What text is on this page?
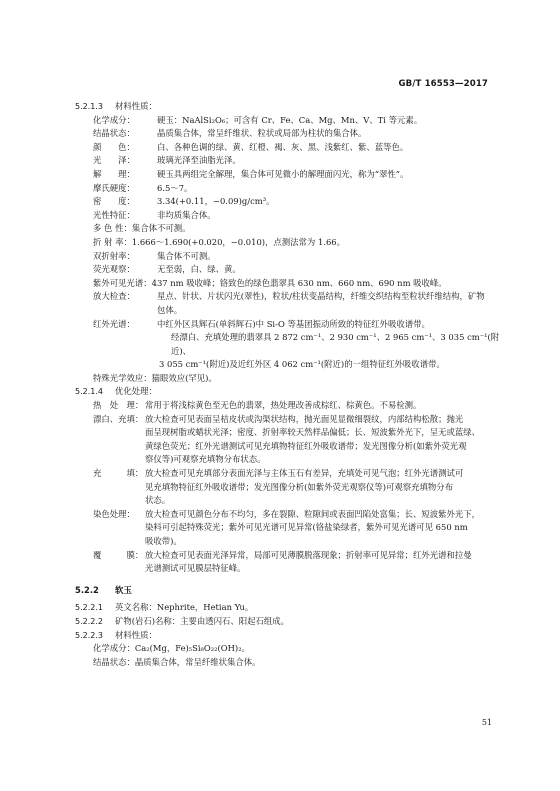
GB/T 16553—2017
5.2.1.3	材料性质：
化学成分：	硬玉：NaAlSi₂O₆；可含有 Cr、Fe、Ca、Mg、Mn、V、Ti 等元素。
结晶状态：	晶质集合体，常呈纤维状、粒状或局部为柱状的集合体。
颜　　色：	白、各种色调的绿、黄、红橙、褐、灰、黑、浅紫红、紫、蓝等色。
光　　泽：	玻璃光泽至油脂光泽。
解　　理：	硬玉具两组完全解理，集合体可见微小的解理面闪光，称为“翠性”。
摩氏硬度：	6.5～7。
密　　度：	3.34(+0.11，−0.09)g/cm³。
光性特征：	非均质集合体。
多 色 性： 集合体不可测。
折 射 率： 1.666～1.690(+0.020，−0.010)，点测法常为 1.66。
双折射率：	集合体不可测。
荧光观察：	无至弱，白、绿、黄。
紫外可见光谱： 437 nm 吸收峰；铬致色的绿色翡翠具 630 nm、660 nm、690 nm 吸收峰。
放大检查：	星点、针状、片状闪光(翠性)，粒状/柱状变晶结构，纤维交织结构至粒状纤维结构，矿物
包体。
红外光谱：	中红外区具辉石(单斜辉石)中 Si-O 等基团振动所致的特征红外吸收谱带。
经漂白、充填处理的翡翠具 2 872 cm⁻¹、2 930 cm⁻¹、2 965 cm⁻¹、3 035 cm⁻¹(附近)、
3 055 cm⁻¹(附近)及近红外区 4 062 cm⁻¹(附近)的一组特征红外吸收谱带。
特殊光学效应： 猫眼效应(罕见)。
5.2.1.4	优化处理：
热　处　理： 常用于将浅棕黄色至无色的翡翠，热处理改善成棕红、棕黄色。不易检测。
漂白、充填： 放大检查可见表面呈桔皮状或沟渠状结构，抛光面见显微细裂纹，内部结构松散；抛光
面呈现树脂或蜡状光泽；密度、折射率较天然样品偏低；长、短波紫外光下，呈无或蓝绿、
黄绿色荧光；红外光谱测试可见充填物特征红外吸收谱带；发光图像分析(如紫外荧光观
察仪等)可观察充填物分布状态。
充　　　填： 放大检查可见充填部分表面光泽与主体玉石有差异，充填处可见气泡；红外光谱测试可
见充填物特征红外吸收谱带；发光图像分析(如紫外荧光观察仪等)可观察充填物分布
状态。
染色处理：	放大检查可见颜色分布不均匀，多在裂隙、粒隙间或表面凹陷处富集；长、短波紫外光下，
染料可引起特殊荧光；紫外可见光谱可见异常(铬盐染绿者，紫外可见光谱可见 650 nm
吸收带)。
覆　　　膜： 放大检查可见表面光泽异常，局部可见薄膜脱落现象；折射率可见异常；红外光谱和拉曼
光谱测试可见膜层特征峰。
5.2.2	软玉
5.2.2.1	英文名称：Nephrite，Hetian Yu。
5.2.2.2	矿物(岩石)名称：主要由透闪石、阳起石组成。
5.2.2.3	材料性质：
化学成分： Ca₂(Mg，Fe)₅Si₈O₂₂(OH)₂。
结晶状态： 晶质集合体，常呈纤维状集合体。
51
